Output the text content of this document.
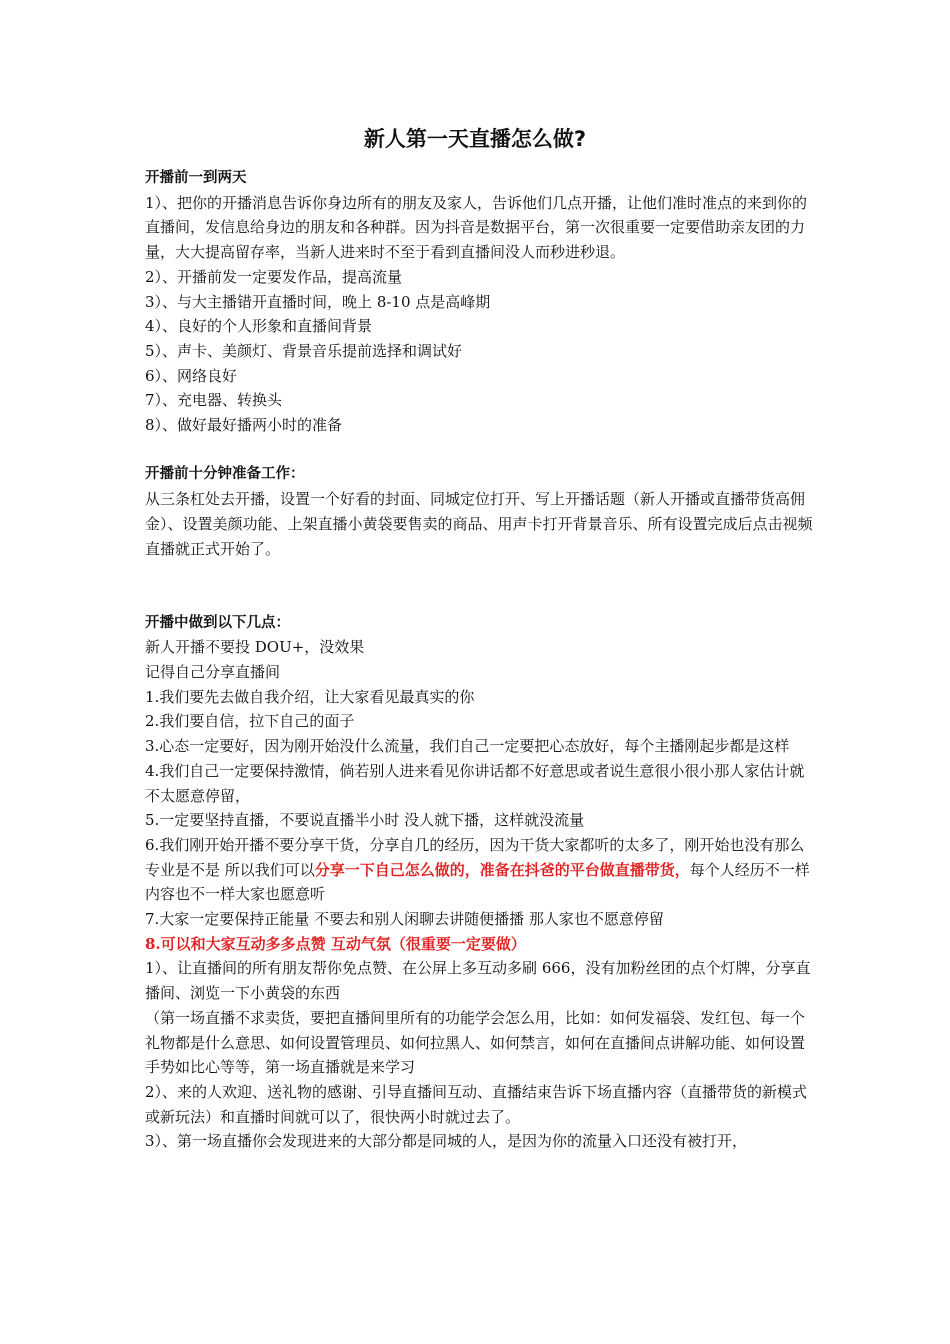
新人第一天直播怎么做?
开播前一到两天
1）、把你的开播消息告诉你身边所有的朋友及家人，告诉他们几点开播，让他们准时准点的来到你的直播间，发信息给身边的朋友和各种群。因为抖音是数据平台，第一次很重要一定要借助亲友团的力量，大大提高留存率，当新人进来时不至于看到直播间没人而秒进秒退。
2）、开播前发一定要发作品，提高流量
3）、与大主播错开直播时间，晚上 8-10 点是高峰期
4）、良好的个人形象和直播间背景
5）、声卡、美颜灯、背景音乐提前选择和调试好
6）、网络良好
7）、充电器、转换头
8）、做好最好播两小时的准备
开播前十分钟准备工作：
从三条杠处去开播，设置一个好看的封面、同城定位打开、写上开播话题（新人开播或直播带货高佣金）、设置美颜功能、上架直播小黄袋要售卖的商品、用声卡打开背景音乐、所有设置完成后点击视频直播就正式开始了。
开播中做到以下几点：
新人开播不要投 DOU+，没效果
记得自己分享直播间
1.我们要先去做自我介绍，让大家看见最真实的你
2.我们要自信，拉下自己的面子
3.心态一定要好，因为刚开始没什么流量，我们自己一定要把心态放好，每个主播刚起步都是这样
4.我们自己一定要保持激情，倘若别人进来看见你讲话都不好意思或者说生意很小很小那人家估计就不太愿意停留，
5.一定要坚持直播，不要说直播半小时 没人就下播，这样就没流量
6.我们刚开始开播不要分享干货，分享自几的经历，因为干货大家都听的太多了，刚开始也没有那么专业是不是 所以我们可以分享一下自己怎么做的，准备在抖爸的平台做直播带货，每个人经历不一样内容也不一样大家也愿意听
7.大家一定要保持正能量 不要去和别人闲聊去讲随便播播 那人家也不愿意停留
8.可以和大家互动多多点赞 互动气氛（很重要一定要做）
1）、让直播间的所有朋友帮你免点赞、在公屏上多互动多刷 666，没有加粉丝团的点个灯牌，分享直播间、浏览一下小黄袋的东西
（第一场直播不求卖货，要把直播间里所有的功能学会怎么用，比如：如何发福袋、发红包、每一个礼物都是什么意思、如何设置管理员、如何拉黑人、如何禁言，如何在直播间点讲解功能、如何设置手势如比心等等，第一场直播就是来学习
2）、来的人欢迎、送礼物的感谢、引导直播间互动、直播结束告诉下场直播内容（直播带货的新模式或新玩法）和直播时间就可以了，很快两小时就过去了。
3）、第一场直播你会发现进来的大部分都是同城的人，是因为你的流量入口还没有被打开，
